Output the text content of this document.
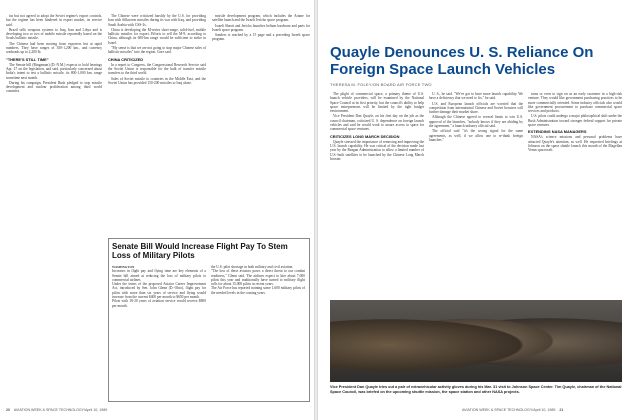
tus but not agreed to adopt the Soviet regime's export controls, but the regime has been hindered in export market, its service said.

Brazil sells weapons systems to Iraq, Iran and Libya and is developing two or two of mobile missile reportedly based on the Scuds ballistic missile.

The Chinese had been moving from exporters but at rapid numbers. They have ranges of 350-1,200 km., and currency warheads up to 2,200 lb.

"THERE'S STILL TIME"

The Senate bill (Bingaman) (D.-N.M.) expects to hold hearings Apr. 27 on the legislation, and said, particularly concerned about India's intent to test a ballistic missile, its 800-1,000 km. range sometime next month.

During his campaign, President Bush pledged to stop missile development and nuclear proliferation among third world countries.

The Chinese were criticized harshly by the U.S. for providing Iran with Silkworm missiles during its war with Iraq, and providing Saudi Arabia with CSS-2s.

China is developing the M-series short-range, solid-fuel, mobile ballistic missiles for export. Efforts to sell the M-9, according to China, although its 600-km range would be sufficient to strike in Israel.

"My sense is that we are not going to stop major Chinese sales of ballistic missiles" into the region, Gore said.

CHINA CRITICIZED

In a report to Congress, the Congressional Research Service said the Soviet Union is responsible for the bulk of transfer missile transfers to the third world.

Sales of Soviet missile to countries in the Middle East, and the Soviet Union has provided 150-200 missiles to Iraq alone.

missile development program, which includes the Ariane for satellite launch and the Israeli Jericho space program.

Israeli Shavit and Jericho launches helium hardware and parts for Israeli space program.

Sanders is reached by a 15 page and a preceding Israeli space program.

Senate Bill Would Increase Flight Pay To Stem Loss of Military Pilots

WASHINGTON

Increases in flight pay and flying time are key elements of a Senate bill aimed at reducing the loss of military pilots to commercial airlines.

Under the terms of the proposed Aviator Career Improvement Act, introduced by Sen. John Glenn (D.-Ohio), flight pay for pilots with more than six years of service and flying would increase from the current $400 per month to $650 per month.

Pilots with 18-20 years of aviation service would receive $800 per month.

the U.S. pilot shortage in both military and civil aviation.

"The loss of these aviators poses a direct threat to our combat readiness," Glenn said. The airlines expect to hire about 7,000 pilots this year and traditionally have turned to military flight rolls for about 15,000 pilots in recent years.

The Air Force has reported training some 1,600 military pilots of the needed levels in the coming years.

20 AVIATION WEEK & SPACE TECHNOLOGY/April 10, 1989
Quayle Denounces U. S. Reliance On Foreign Space Launch Vehicles
THERESA M. FOLEY/ON BOARD AIR FORCE TWO

The plight of commercial space, a primary theme of U.S. launch vehicle providers, will be examined by the National Space Council at its first priority, but the council's ability to help space entrepreneurs will be limited by the tight budget environment.

Vice President Dan Quayle, on his first day on the job as the council chairman, criticized U. S. dependence on foreign launch vehicles and said he would work to assure access to space for commercial space ventures.

CRITICIZES LONG MARCH DECISION

Quayle stressed the importance of removing and improving the U.S. launch capability. He was critical of the decision made last year by the Reagan Administration to allow a limited number of U.S.-built satellites to be launched by the Chinese Long March booster.

U. S., he said. "We've got to have more launch capability. We have a deficiency that we need to fix," he said.

U.S. and European launch officials are worried that the competition from international Chinese and Soviet boosters will further damage their market share.

Although the Chinese agreed to several limits to win U.S. approval of the launches, "nobody knows if they are abiding by the agreement," a launch industry official said.

The official said "it's the wrong signal for the same agreements, as well, if we allow one to re-think foreign launches."

turns or even to sign on as an early customer in a high-risk venture. They would like government purchasing practices to be more commercially oriented. Some industry officials also would like government procurement to purchase commercial space services and products.

U.S. pilots could undergo a major philosophical shift under the Bush Administration toward stronger federal support for private space ventures.

EXTENDING NASA MANAGERS

NASA's science missions and personal problems have attracted Quayle's attention, as well. He requested briefings at Johnson on the space shuttle launch this month of the Magellan Venus spacecraft.

Vice President Dan Quayle tries out a pair of extravehicular activity gloves during his Mar. 31 visit to Johnson Space Center. Tim Quayle, chairman of the National Space Council, was briefed on the upcoming shuttle mission, the space station and other NASA projects.
AVIATION WEEK & SPACE TECHNOLOGY/April 10, 1989 21
